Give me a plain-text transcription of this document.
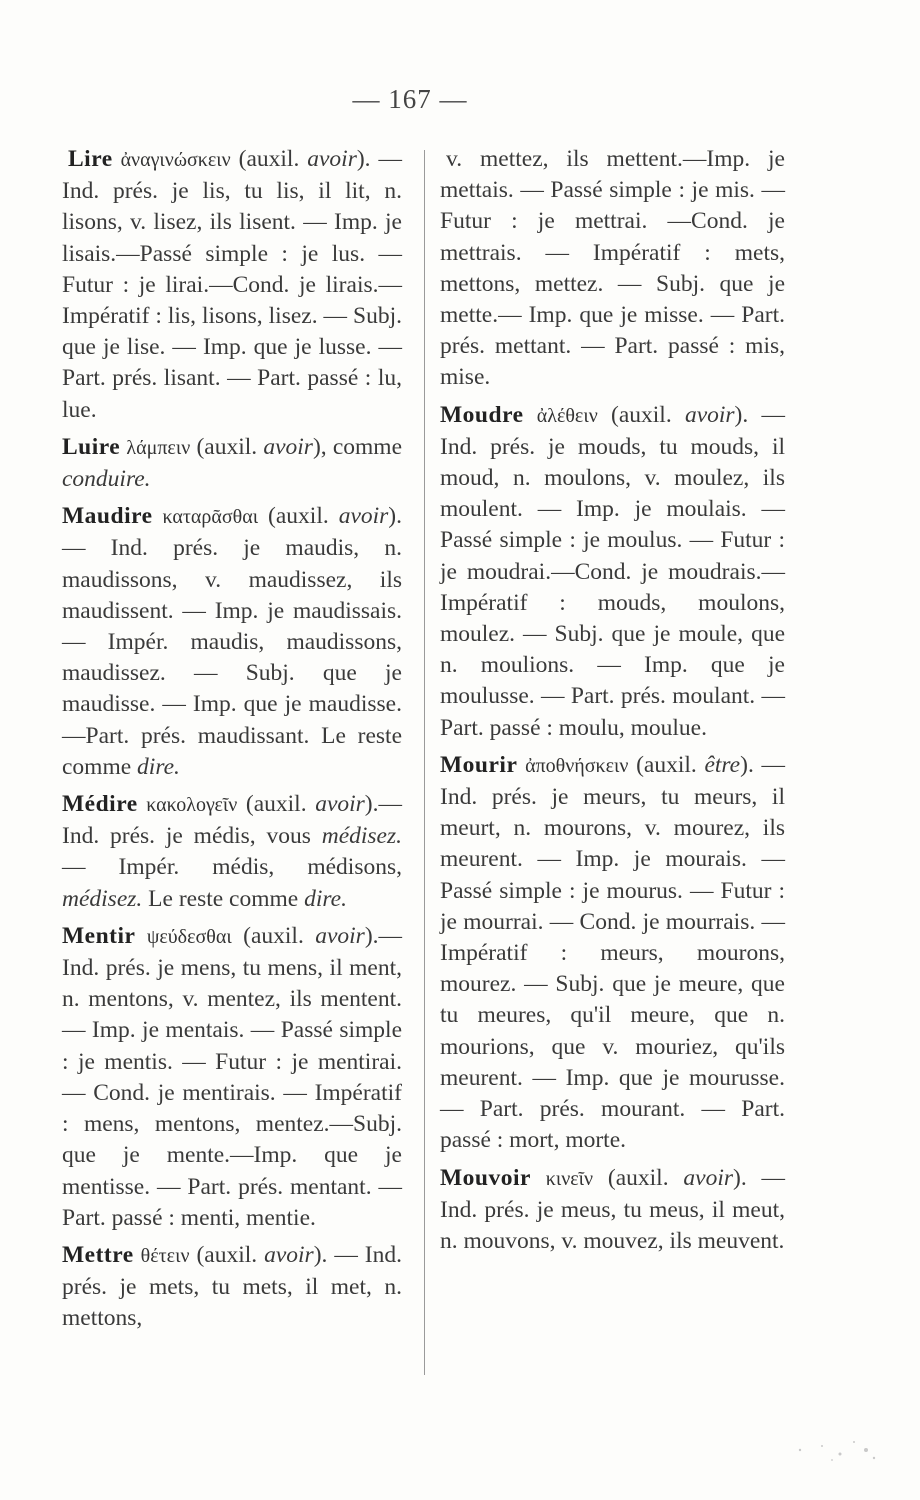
— 167 —

Lire ἀναγινώσκειν (auxil. avoir). — Ind. prés. je lis, tu lis, il lit, n. lisons, v. lisez, ils lisent. — Imp. je lisais.—Passé simple : je lus. — Futur : je lirai.—Cond. je lirais.—Impératif : lis, lisons, lisez. — Subj. que je lise. — Imp. que je lusse. — Part. prés. lisant. — Part. passé : lu, lue.

Luire λάμπειν (auxil. avoir), comme conduire.

Maudire καταρᾶσθαι (auxil. avoir). — Ind. prés. je maudis, n. maudissons, v. maudissez, ils maudissent. — Imp. je maudissais. — Impér. maudis, maudissons, maudissez. — Subj. que je maudisse. — Imp. que je maudisse.—Part. prés. maudissant. Le reste comme dire.

Médire κακολογεῖν (auxil. avoir).—Ind. prés. je médis, vous médisez. — Impér. médis, médisons, médisez. Le reste comme dire.

Mentir ψεύδεσθαι (auxil. avoir).—Ind. prés. je mens, tu mens, il ment, n. mentons, v. mentez, ils mentent. — Imp. je mentais. — Passé simple : je mentis. — Futur : je mentirai. — Cond. je mentirais. — Impératif : mens, mentons, mentez.—Subj. que je mente.—Imp. que je mentisse. — Part. prés. mentant. —Part. passé : menti, mentie.

Mettre θέτειν (auxil. avoir). — Ind. prés. je mets, tu mets, il met, n. mettons,

v. mettez, ils mettent.—Imp. je mettais. — Passé simple : je mis. — Futur : je mettrai. —Cond. je mettrais. — Impératif : mets, mettons, mettez. — Subj. que je mette.— Imp. que je misse. — Part. prés. mettant. — Part. passé : mis, mise.

Moudre ἀλέθειν (auxil. avoir). — Ind. prés. je mouds, tu mouds, il moud, n. moulons, v. moulez, ils moulent. — Imp. je moulais. — Passé simple : je moulus. — Futur : je moudrai.—Cond. je moudrais.— Impératif : mouds, moulons, moulez. — Subj. que je moule, que n. moulions. — Imp. que je moulusse. — Part. prés. moulant. — Part. passé : moulu, moulue.

Mourir ἀποθνήσκειν (auxil. être). — Ind. prés. je meurs, tu meurs, il meurt, n. mourons, v. mourez, ils meurent. — Imp. je mourais. — Passé simple : je mourus. — Futur : je mourrai. — Cond. je mourrais. — Impératif : meurs, mourons, mourez. — Subj. que je meure, que tu meures, qu'il meure, que n. mourions, que v. mouriez, qu'ils meurent. — Imp. que je mourusse. — Part. prés. mourant. — Part. passé : mort, morte.

Mouvoir κινεῖν (auxil. avoir). — Ind. prés. je meus, tu meus, il meut, n. mouvons, v. mouvez, ils meuvent.
